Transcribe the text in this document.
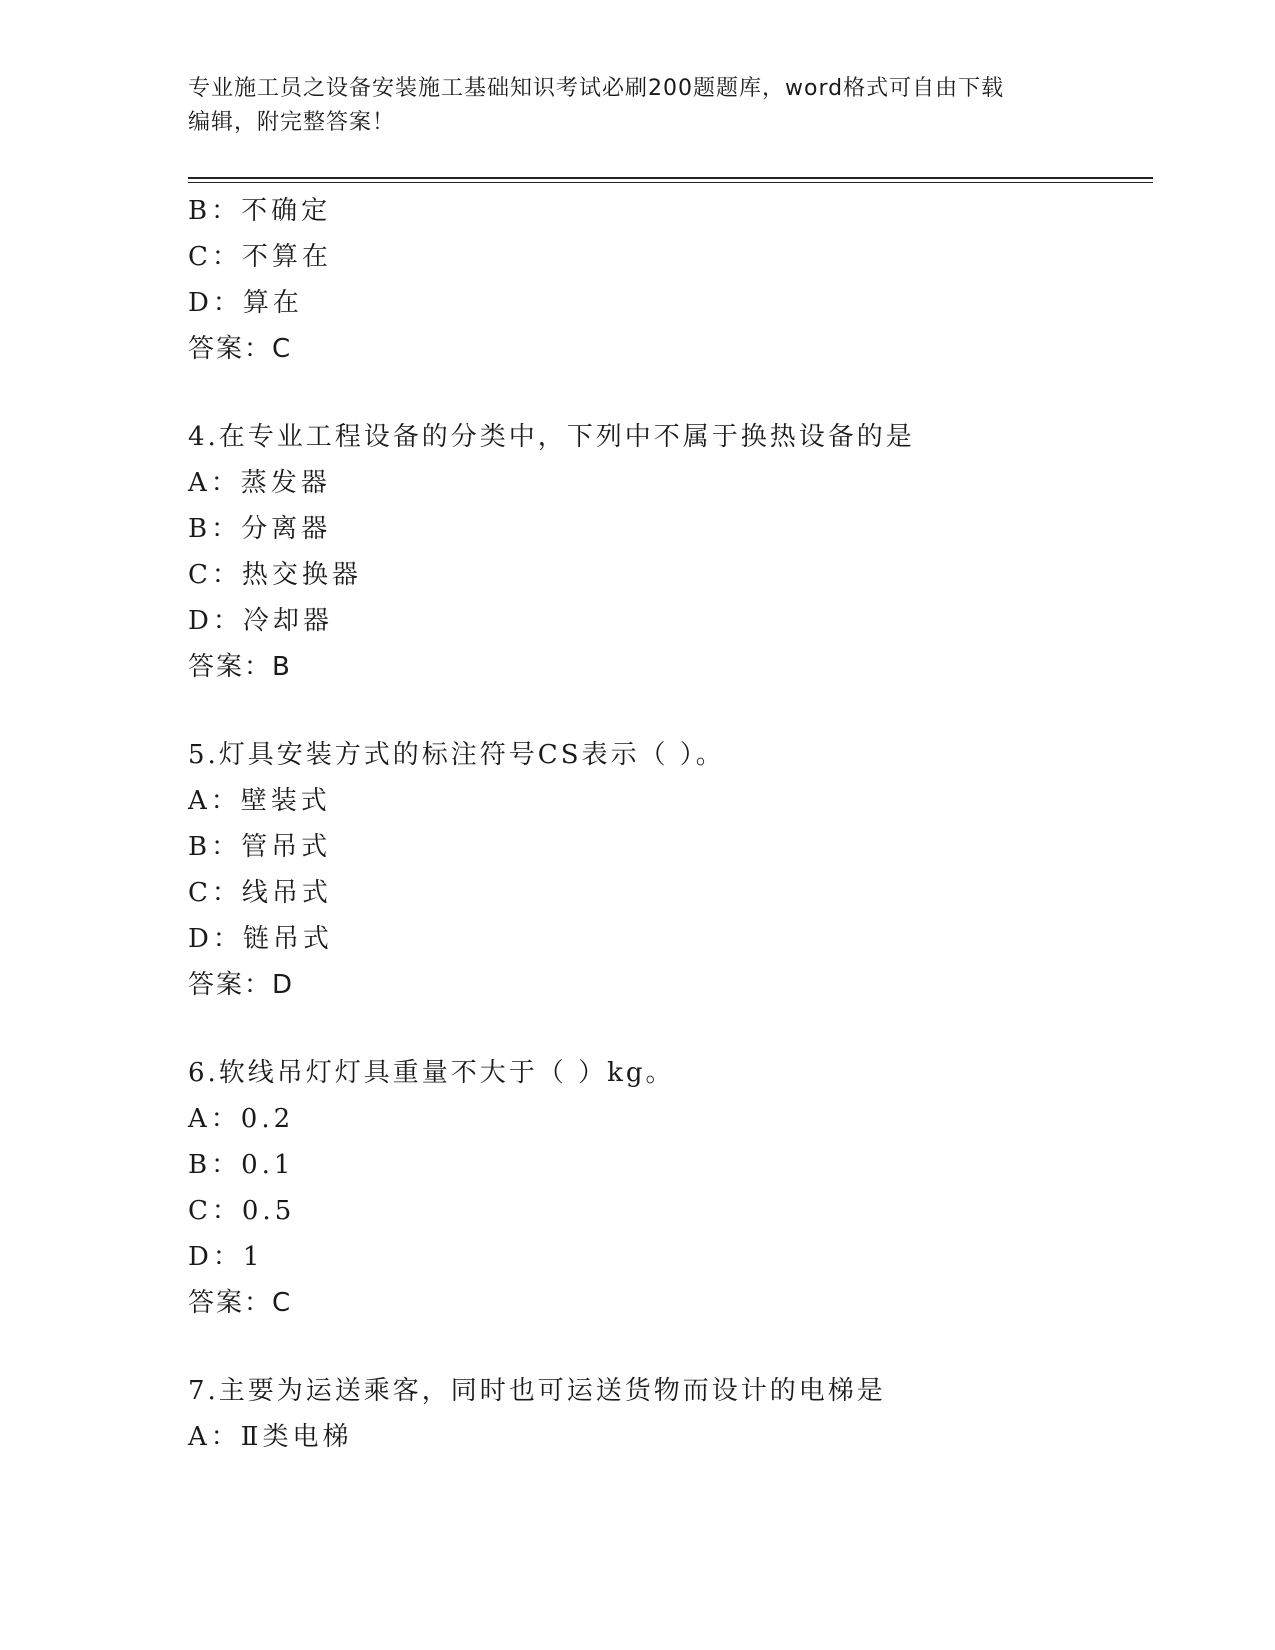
专业施工员之设备安装施工基础知识考试必刷200题题库，word格式可自由下载
编辑，附完整答案！
B：不确定
C：不算在
D：算在
答案：C
4.在专业工程设备的分类中，下列中不属于换热设备的是
A：蒸发器
B：分离器
C：热交换器
D：冷却器
答案：B
5.灯具安装方式的标注符号CS表示（ ）。
A：壁装式
B：管吊式
C：线吊式
D：链吊式
答案：D
6.软线吊灯灯具重量不大于（ ）kg。
A：0.2
B：0.1
C：0.5
D：1
答案：C
7.主要为运送乘客，同时也可运送货物而设计的电梯是
A：Ⅱ类电梯
